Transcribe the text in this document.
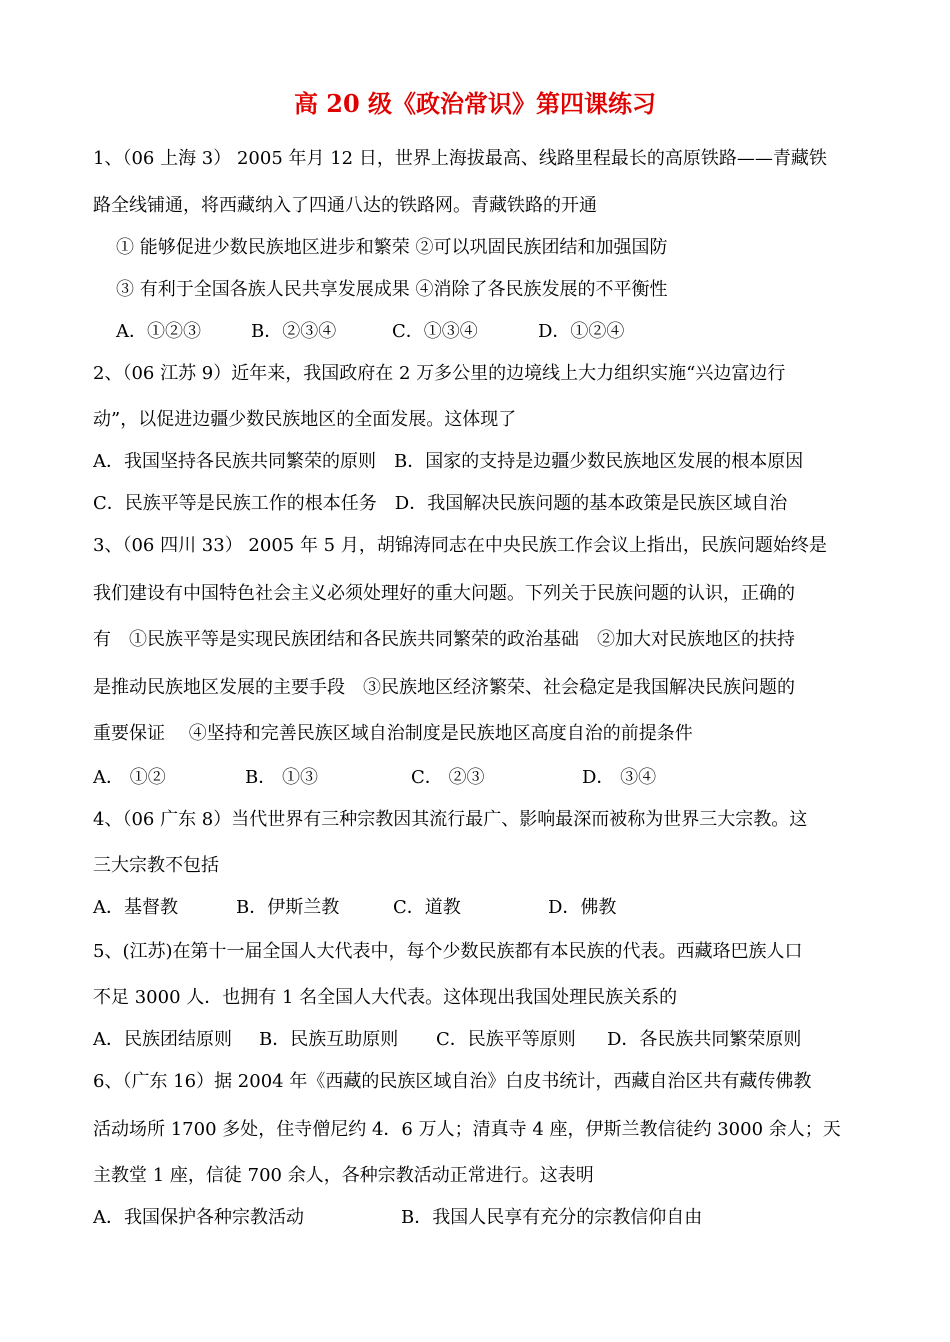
高 20 级《政治常识》第四课练习
1、（06 上海 3） 2005 年月 12 日，世界上海拔最高、线路里程最长的高原铁路——青藏铁
路全线铺通，将西藏纳入了四通八达的铁路网。青藏铁路的开通
① 能够促进少数民族地区进步和繁荣 ②可以巩固民族团结和加强国防
③ 有利于全国各族人民共享发展成果 ④消除了各民族发展的不平衡性
A．①②③	B．②③④	C．①③④	D．①②④
2、（06 江苏 9）近年来，我国政府在 2 万多公里的边境线上大力组织实施“兴边富边行
动”，以促进边疆少数民族地区的全面发展。这体现了
A．我国坚持各民族共同繁荣的原则　B．国家的支持是边疆少数民族地区发展的根本原因
C．民族平等是民族工作的根本任务　D．我国解决民族问题的基本政策是民族区域自治
3、（06 四川 33） 2005 年 5 月，胡锦涛同志在中央民族工作会议上指出，民族问题始终是
我们建设有中国特色社会主义必须处理好的重大问题。下列关于民族问题的认识，正确的
有　①民族平等是实现民族团结和各民族共同繁荣的政治基础　②加大对民族地区的扶持
是推动民族地区发展的主要手段　③民族地区经济繁荣、社会稳定是我国解决民族问题的
重要保证　 ④坚持和完善民族区域自治制度是民族地区高度自治的前提条件
A． ①②	B． ①③	C． ②③	D． ③④
4、（06 广东 8）当代世界有三种宗教因其流行最广、影响最深而被称为世界三大宗教。这
三大宗教不包括
A．基督教	B．伊斯兰教	C．道教	D．佛教
5、(江苏)在第十一届全国人大代表中，每个少数民族都有本民族的代表。西藏珞巴族人口
不足 3000 人．也拥有 1 名全国人大代表。这体现出我国处理民族关系的
A．民族团结原则 B．民族互助原则 C．民族平等原则 D．各民族共同繁荣原则
6、（广东 16）据 2004 年《西藏的民族区域自治》白皮书统计，西藏自治区共有藏传佛教
活动场所 1700 多处，住寺僧尼约 4．6 万人；清真寺 4 座，伊斯兰教信徒约 3000 余人；天
主教堂 1 座，信徒 700 余人，各种宗教活动正常进行。这表明
A．我国保护各种宗教活动	B．我国人民享有充分的宗教信仰自由
